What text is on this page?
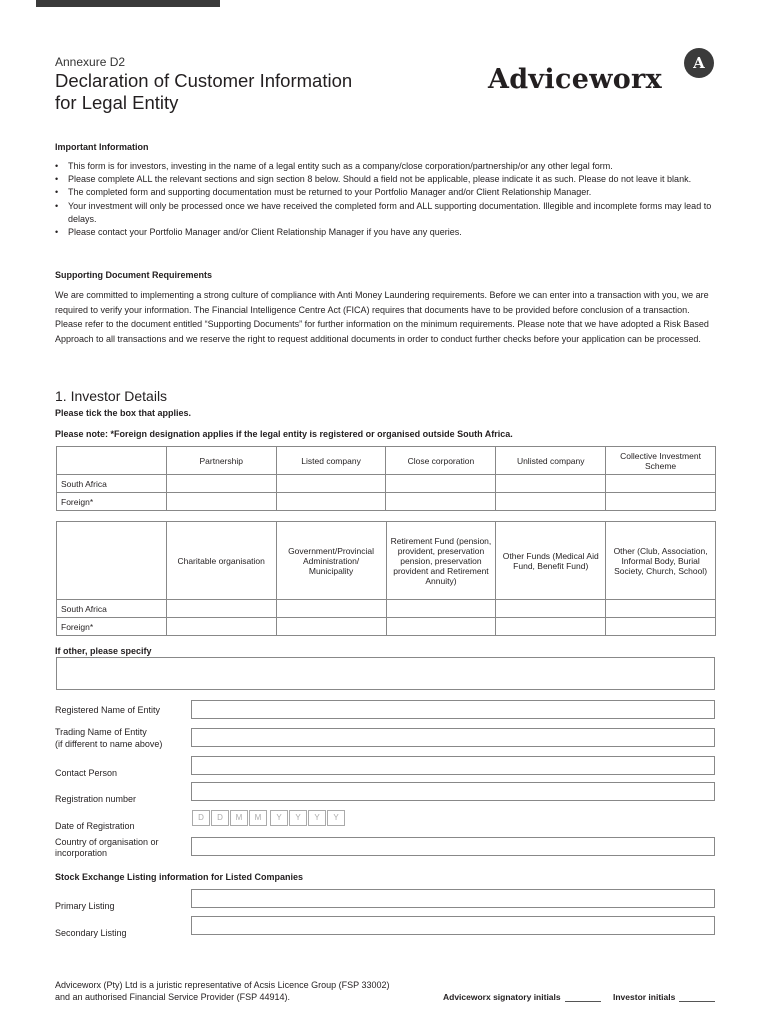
Annexure D2
Declaration of Customer Information
for Legal Entity
Adviceworx
A
Important Information
• This form is for investors, investing in the name of a legal entity such as a company/close corporation/partnership/or any other legal form.
• Please complete ALL the relevant sections and sign section 8 below. Should a field not be applicable, please indicate it as such. Please do not leave it blank.
• The completed form and supporting documentation must be returned to your Portfolio Manager and/or Client Relationship Manager.
• Your investment will only be processed once we have received the completed form and ALL supporting documentation. Illegible and incomplete forms may lead to delays.
• Please contact your Portfolio Manager and/or Client Relationship Manager if you have any queries.
Supporting Document Requirements
We are committed to implementing a strong culture of compliance with Anti Money Laundering requirements. Before we can enter into a transaction with you, we are required to verify your information. The Financial Intelligence Centre Act (FICA) requires that documents have to be provided before conclusion of a transaction. Please refer to the document entitled “Supporting Documents” for further information on the minimum requirements. Please note that we have adopted a Risk Based Approach to all transactions and we reserve the right to request additional documents in order to conduct further checks before your application can be processed.
1. Investor Details
Please tick the box that applies.
Please note: *Foreign designation applies if the legal entity is registered or organised outside South Africa.
	Partnership	Listed company	Close corporation	Unlisted company	Collective Investment Scheme
South Africa					
Foreign*					
	Charitable organisation	Government/Provincial Administration/ Municipality	Retirement Fund (pension, provident, preservation pension, preservation provident and Retirement Annuity)	Other Funds (Medical Aid Fund, Benefit Fund)	Other (Club, Association, Informal Body, Burial Society, Church, School)
South Africa					
Foreign*					
If other, please specify
Registered Name of Entity
Trading Name of Entity
(if different to name above)
Contact Person
Registration number
Date of Registration
D	D	M	M	Y	Y	Y	Y
Country of organisation or
incorporation
Stock Exchange Listing information for Listed Companies
Primary Listing
Secondary Listing
Adviceworx (Pty) Ltd is a juristic representative of Acsis Licence Group (FSP 33002)
and an authorised Financial Service Provider (FSP 44914).	Adviceworx signatory initials	Investor initials
